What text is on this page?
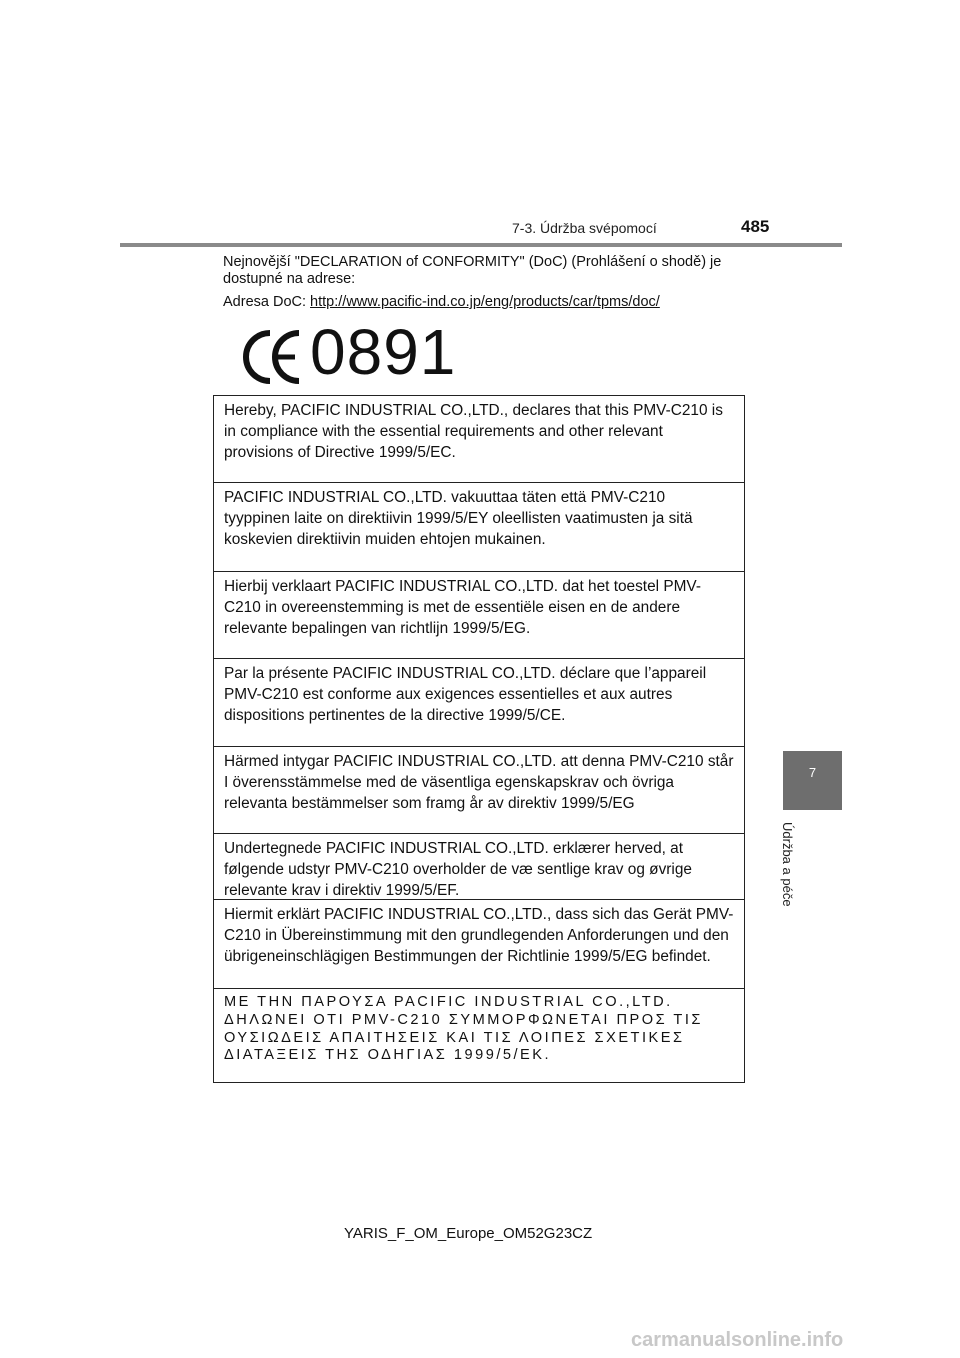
7-3. Údržba svépomocí	485
7
Údržba a péče

Nejnovější "DECLARATION of CONFORMITY" (DoC) (Prohlášení o shodě) je dostupné na adrese:

Adresa DoC: http://www.pacific-ind.co.jp/eng/products/car/tpms/doc/
0891
Hereby, PACIFIC INDUSTRIAL CO.,LTD., declares that this PMV-C210 is in compliance with the essential requirements and other relevant provisions of Directive 1999/5/EC.
PACIFIC INDUSTRIAL CO.,LTD. vakuuttaa täten että PMV-C210 tyyppinen laite on direktiivin 1999/5/EY oleellisten vaatimusten ja sitä koskevien direktiivin muiden ehtojen mukainen.
Hierbij verklaart PACIFIC INDUSTRIAL CO.,LTD. dat het toestel PMV-C210 in overeenstemming is met de essentiële eisen en de andere relevante bepalingen van richtlijn 1999/5/EG.
Par la présente PACIFIC INDUSTRIAL CO.,LTD. déclare que l’appareil PMV-C210 est conforme aux exigences essentielles et aux autres dispositions pertinentes de la directive 1999/5/CE.
Härmed intygar PACIFIC INDUSTRIAL CO.,LTD. att denna PMV-C210 står I överensstämmelse med de väsentliga egenskapskrav och övriga relevanta bestämmelser som framg år av direktiv 1999/5/EG
Undertegnede PACIFIC INDUSTRIAL CO.,LTD. erklærer herved, at følgende udstyr PMV-C210 overholder de væ sentlige krav og øvrige relevante krav i direktiv 1999/5/EF.
Hiermit erklärt PACIFIC INDUSTRIAL CO.,LTD., dass sich das Gerät PMV-C210 in Übereinstimmung mit den grundlegenden Anforderungen und den übrigeneinschlägigen Bestimmungen der Richtlinie 1999/5/EG befindet.
ΜΕ ΤΗΝ ΠΑΡΟΥΣΑ PACIFIC INDUSTRIAL CO.,LTD. ΔΗΛΩΝΕΙ ΟΤΙ PMV-C210 ΣΥΜΜΟΡΦΩΝΕΤΑΙ ΠΡΟΣ ΤΙΣ ΟΥΣΙΩΔΕΙΣ ΑΠΑΙΤΗΣΕΙΣ ΚΑΙ ΤΙΣ ΛΟΙΠΕΣ ΣΧΕΤΙΚΕΣ ΔΙΑΤΑΞΕΙΣ ΤΗΣ ΟΔΗΓΙΑΣ 1999/5/ΕΚ.
YARIS_F_OM_Europe_OM52G23CZ
carmanualsonline.info
